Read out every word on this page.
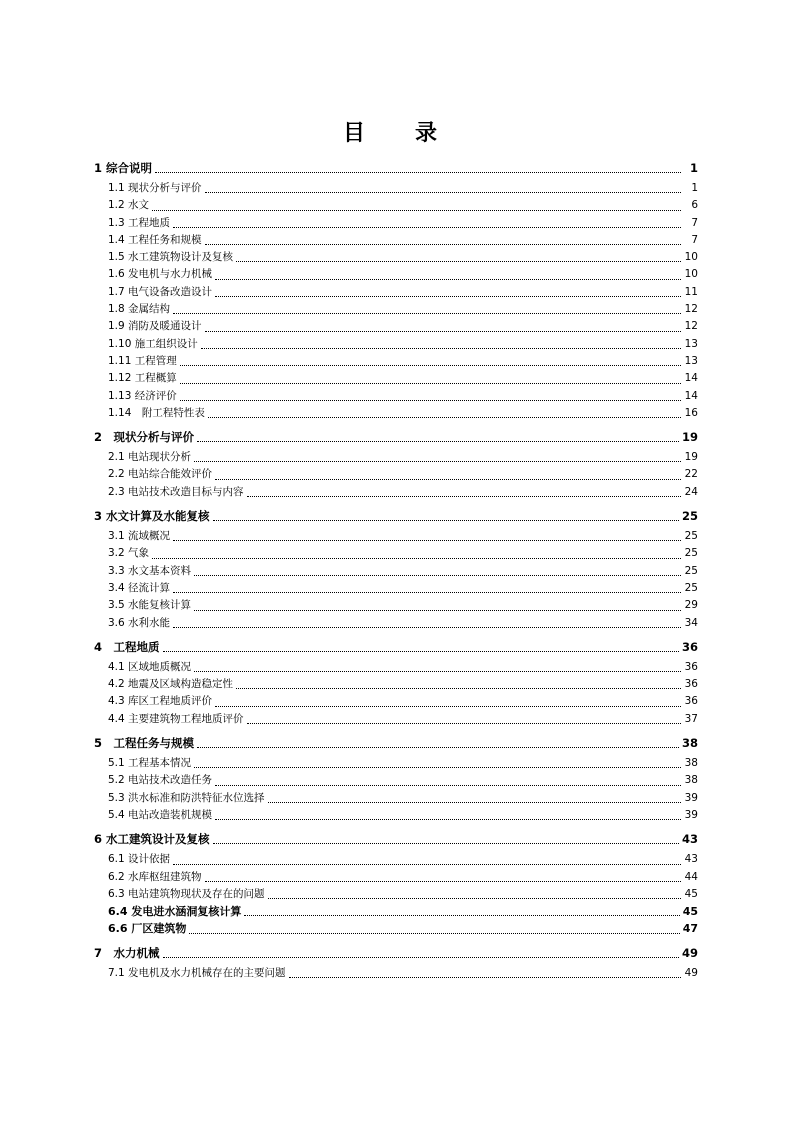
目　录
1 综合说明	1
1.1 现状分析与评价	1
1.2 水文	6
1.3 工程地质	7
1.4 工程任务和规模	7
1.5 水工建筑物设计及复核	10
1.6 发电机与水力机械	10
1.7 电气设备改造设计	11
1.8 金属结构	12
1.9 消防及暖通设计	12
1.10 施工组织设计	13
1.11 工程管理	13
1.12 工程概算	14
1.13 经济评价	14
1.14　附工程特性表	16
2　现状分析与评价	19
2.1 电站现状分析	19
2.2 电站综合能效评价	22
2.3 电站技术改造目标与内容	24
3 水文计算及水能复核	25
3.1 流域概况	25
3.2 气象	25
3.3 水文基本资料	25
3.4 径流计算	25
3.5 水能复核计算	29
3.6 水利水能	34
4　工程地质	36
4.1 区域地质概况	36
4.2 地震及区域构造稳定性	36
4.3 库区工程地质评价	36
4.4 主要建筑物工程地质评价	37
5　工程任务与规模	38
5.1 工程基本情况	38
5.2 电站技术改造任务	38
5.3 洪水标准和防洪特征水位选择	39
5.4 电站改造装机规模	39
6 水工建筑设计及复核	43
6.1 设计依据	43
6.2 水库枢纽建筑物	44
6.3 电站建筑物现状及存在的问题	45
6.4 发电进水涵洞复核计算	45
6.6 厂区建筑物	47
7　水力机械	49
7.1 发电机及水力机械存在的主要问题	49
